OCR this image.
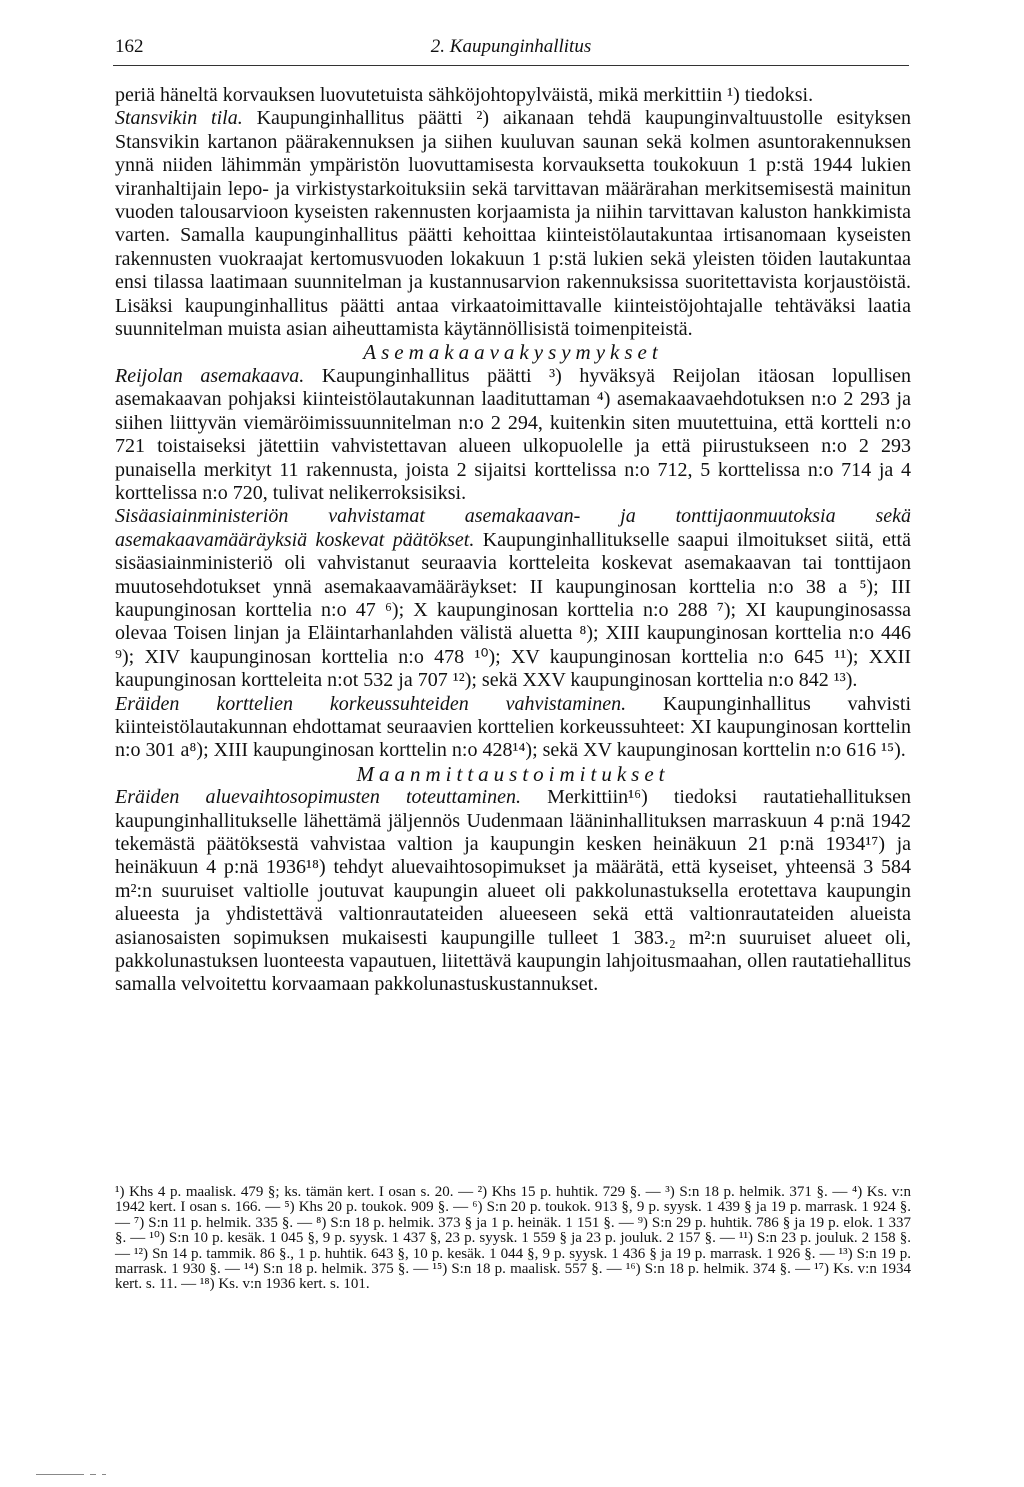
162	2. Kaupunginhallitus

periä häneltä korvauksen luovutetuista sähköjohtopylväistä, mikä merkittiin ¹) tiedoksi.

Stansvikin tila. Kaupunginhallitus päätti ²) aikanaan tehdä kaupunginvaltuustolle esityksen Stansvikin kartanon päärakennuksen ja siihen kuuluvan saunan sekä kolmen asuntorakennuksen ynnä niiden lähimmän ympäristön luovuttamisesta korvauksetta toukokuun 1 p:stä 1944 lukien viranhaltijain lepo- ja virkistystarkoituksiin sekä tarvittavan määrärahan merkitsemisestä mainitun vuoden talousarvioon kyseisten rakennusten korjaamista ja niihin tarvittavan kaluston hankkimista varten. Samalla kaupunginhallitus päätti kehoittaa kiinteistölautakuntaa irtisanomaan kyseisten rakennusten vuokraajat kertomusvuoden lokakuun 1 p:stä lukien sekä yleisten töiden lautakuntaa ensi tilassa laatimaan suunnitelman ja kustannusarvion rakennuksissa suoritettavista korjaustöistä. Lisäksi kaupunginhallitus päätti antaa virkaatoimittavalle kiinteistöjohtajalle tehtäväksi laatia suunnitelman muista asian aiheuttamista käytännöllisistä toimenpiteistä.

Asemakaavakysymykset

Reijolan asemakaava. Kaupunginhallitus päätti ³) hyväksyä Reijolan itäosan lopullisen asemakaavan pohjaksi kiinteistölautakunnan laadituttaman ⁴) asemakaavaehdotuksen n:o 2 293 ja siihen liittyvän viemäröimissuunnitelman n:o 2 294, kuitenkin siten muutettuina, että kortteli n:o 721 toistaiseksi jätettiin vahvistettavan alueen ulkopuolelle ja että piirustukseen n:o 2 293 punaisella merkityt 11 rakennusta, joista 2 sijaitsi korttelissa n:o 712, 5 korttelissa n:o 714 ja 4 korttelissa n:o 720, tulivat nelikerroksisiksi.

Sisäasiainministeriön vahvistamat asemakaavan- ja tonttijaonmuutoksia sekä asemakaavamääräyksiä koskevat päätökset. Kaupunginhallitukselle saapui ilmoitukset siitä, että sisäasiainministeriö oli vahvistanut seuraavia kortteleita koskevat asemakaavan tai tonttijaon muutosehdotukset ynnä asemakaavamääräykset: II kaupunginosan korttelia n:o 38 a ⁵); III kaupunginosan korttelia n:o 47 ⁶); X kaupunginosan korttelia n:o 288 ⁷); XI kaupunginosassa olevaa Toisen linjan ja Eläintarhanlahden välistä aluetta ⁸); XIII kaupunginosan korttelia n:o 446 ⁹); XIV kaupunginosan korttelia n:o 478 ¹⁰); XV kaupunginosan korttelia n:o 645 ¹¹); XXII kaupunginosan kortteleita n:ot 532 ja 707 ¹²); sekä XXV kaupunginosan korttelia n:o 842 ¹³).

Eräiden korttelien korkeussuhteiden vahvistaminen. Kaupunginhallitus vahvisti kiinteistölautakunnan ehdottamat seuraavien korttelien korkeussuhteet: XI kaupunginosan korttelin n:o 301 a⁸); XIII kaupunginosan korttelin n:o 428¹⁴); sekä XV kaupunginosan korttelin n:o 616 ¹⁵).

Maanmittaustoimitukset

Eräiden aluevaihtosopimusten toteuttaminen. Merkittiin¹⁶) tiedoksi rautatiehallituksen kaupunginhallitukselle lähettämä jäljennös Uudenmaan lääninhallituksen marraskuun 4 p:nä 1942 tekemästä päätöksestä vahvistaa valtion ja kaupungin kesken heinäkuun 21 p:nä 1934¹⁷) ja heinäkuun 4 p:nä 1936¹⁸) tehdyt aluevaihtosopimukset ja määrätä, että kyseiset, yhteensä 3 584 m²:n suuruiset valtiolle joutuvat kaupungin alueet oli pakkolunastuksella erotettava kaupungin alueesta ja yhdistettävä valtionrautateiden alueeseen sekä että valtionrautateiden alueista asianosaisten sopimuksen mukaisesti kaupungille tulleet 1 383.₂ m²:n suuruiset alueet oli, pakkolunastuksen luonteesta vapautuen, liitettävä kaupungin lahjoitusmaahan, ollen rautatiehallitus samalla velvoitettu korvaamaan pakkolunastuskustannukset.

¹) Khs 4 p. maalisk. 479 §; ks. tämän kert. I osan s. 20. — ²) Khs 15 p. huhtik. 729 §. — ³) S:n 18 p. helmik. 371 §. — ⁴) Ks. v:n 1942 kert. I osan s. 166. — ⁵) Khs 20 p. toukok. 909 §. — ⁶) S:n 20 p. toukok. 913 §, 9 p. syysk. 1 439 § ja 19 p. marrask. 1 924 §. — ⁷) S:n 11 p. helmik. 335 §. — ⁸) S:n 18 p. helmik. 373 § ja 1 p. heinäk. 1 151 §. — ⁹) S:n 29 p. huhtik. 786 § ja 19 p. elok. 1 337 §. — ¹⁰) S:n 10 p. kesäk. 1 045 §, 9 p. syysk. 1 437 §, 23 p. syysk. 1 559 § ja 23 p. jouluk. 2 157 §. — ¹¹) S:n 23 p. jouluk. 2 158 §. — ¹²) Sn 14 p. tammik. 86 §., 1 p. huhtik. 643 §, 10 p. kesäk. 1 044 §, 9 p. syysk. 1 436 § ja 19 p. marrask. 1 926 §. — ¹³) S:n 19 p. marrask. 1 930 §. — ¹⁴) S:n 18 p. helmik. 375 §. — ¹⁵) S:n 18 p. maalisk. 557 §. — ¹⁶) S:n 18 p. helmik. 374 §. — ¹⁷) Ks. v:n 1934 kert. s. 11. — ¹⁸) Ks. v:n 1936 kert. s. 101.
